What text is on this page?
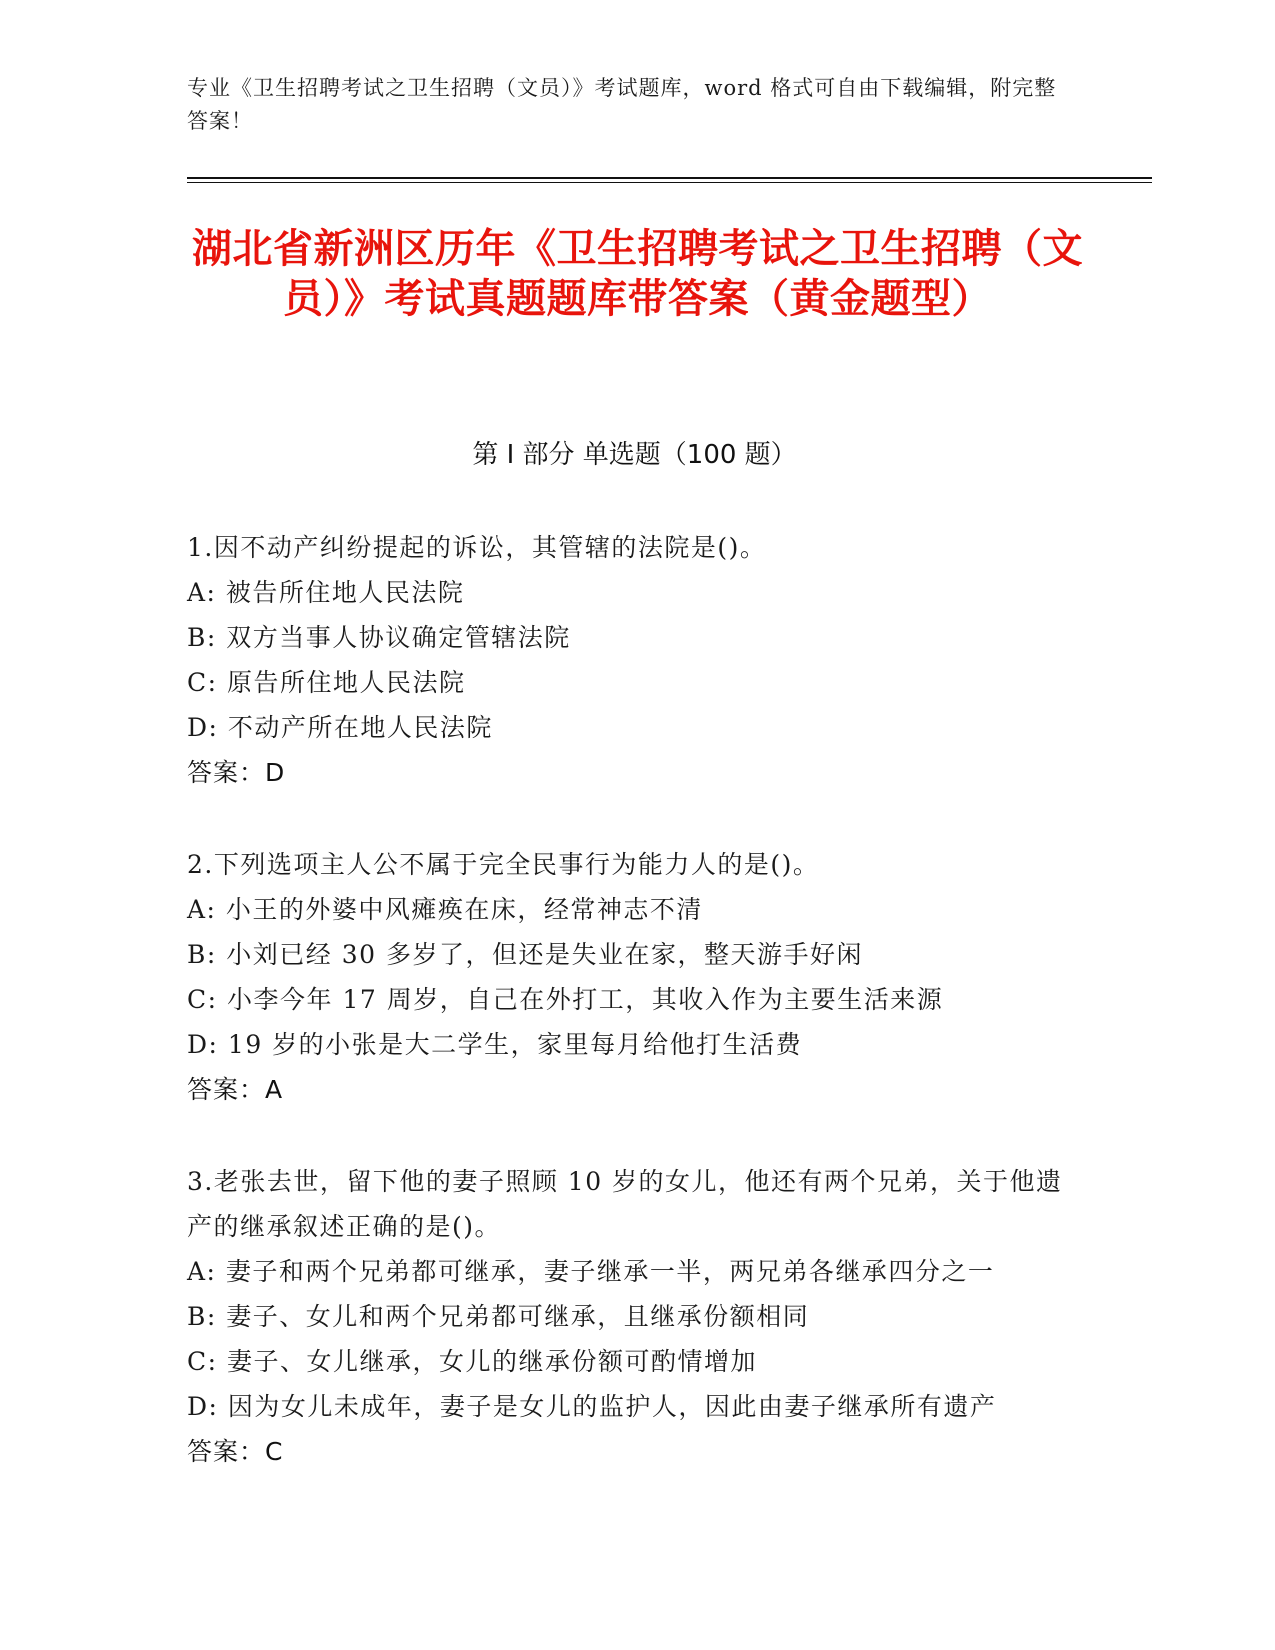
专业《卫生招聘考试之卫生招聘（文员）》考试题库，word 格式可自由下载编辑，附完整答案！
湖北省新洲区历年《卫生招聘考试之卫生招聘（文员）》考试真题题库带答案（黄金题型）
第 I 部分 单选题（100 题）
1.因不动产纠纷提起的诉讼，其管辖的法院是()。
A: 被告所住地人民法院
B: 双方当事人协议确定管辖法院
C: 原告所住地人民法院
D: 不动产所在地人民法院
答案：D
2.下列选项主人公不属于完全民事行为能力人的是()。
A: 小王的外婆中风瘫痪在床，经常神志不清
B: 小刘已经 30 多岁了，但还是失业在家，整天游手好闲
C: 小李今年 17 周岁，自己在外打工，其收入作为主要生活来源
D: 19 岁的小张是大二学生，家里每月给他打生活费
答案：A
3.老张去世，留下他的妻子照顾 10 岁的女儿，他还有两个兄弟，关于他遗产的继承叙述正确的是()。
A: 妻子和两个兄弟都可继承，妻子继承一半，两兄弟各继承四分之一
B: 妻子、女儿和两个兄弟都可继承，且继承份额相同
C: 妻子、女儿继承，女儿的继承份额可酌情增加
D: 因为女儿未成年，妻子是女儿的监护人，因此由妻子继承所有遗产
答案：C
